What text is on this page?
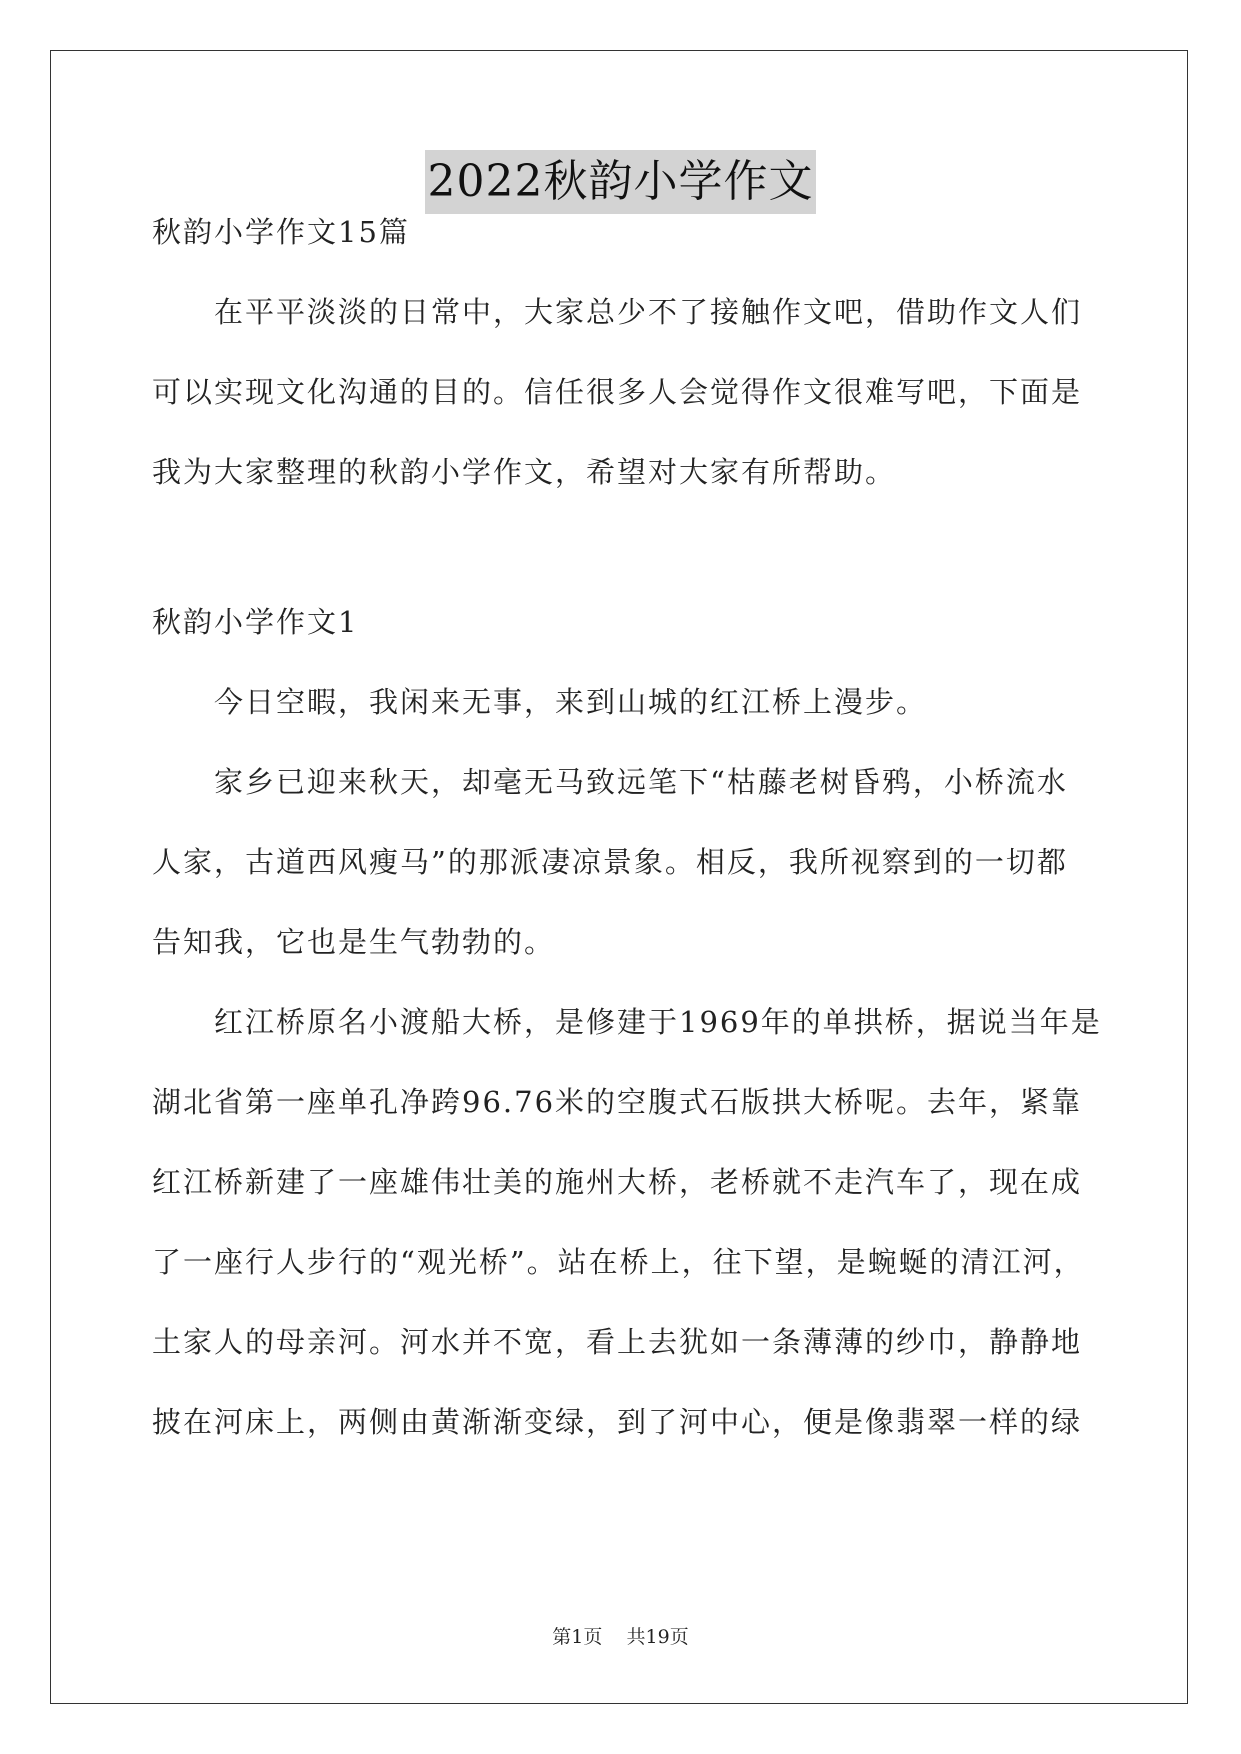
2022秋韵小学作文
秋韵小学作文15篇
在平平淡淡的日常中，大家总少不了接触作文吧，借助作文人们
可以实现文化沟通的目的。信任很多人会觉得作文很难写吧，下面是
我为大家整理的秋韵小学作文，希望对大家有所帮助。
秋韵小学作文1
今日空暇，我闲来无事，来到山城的红江桥上漫步。
家乡已迎来秋天，却毫无马致远笔下“枯藤老树昏鸦，小桥流水
人家，古道西风瘦马”的那派凄凉景象。相反，我所视察到的一切都
告知我，它也是生气勃勃的。
红江桥原名小渡船大桥，是修建于1969年的单拱桥，据说当年是
湖北省第一座单孔净跨96.76米的空腹式石版拱大桥呢。去年，紧靠
红江桥新建了一座雄伟壮美的施州大桥，老桥就不走汽车了，现在成
了一座行人步行的“观光桥”。站在桥上，往下望，是蜿蜒的清江河，
土家人的母亲河。河水并不宽，看上去犹如一条薄薄的纱巾，静静地
披在河床上，两侧由黄渐渐变绿，到了河中心，便是像翡翠一样的绿
第1页 共19页
